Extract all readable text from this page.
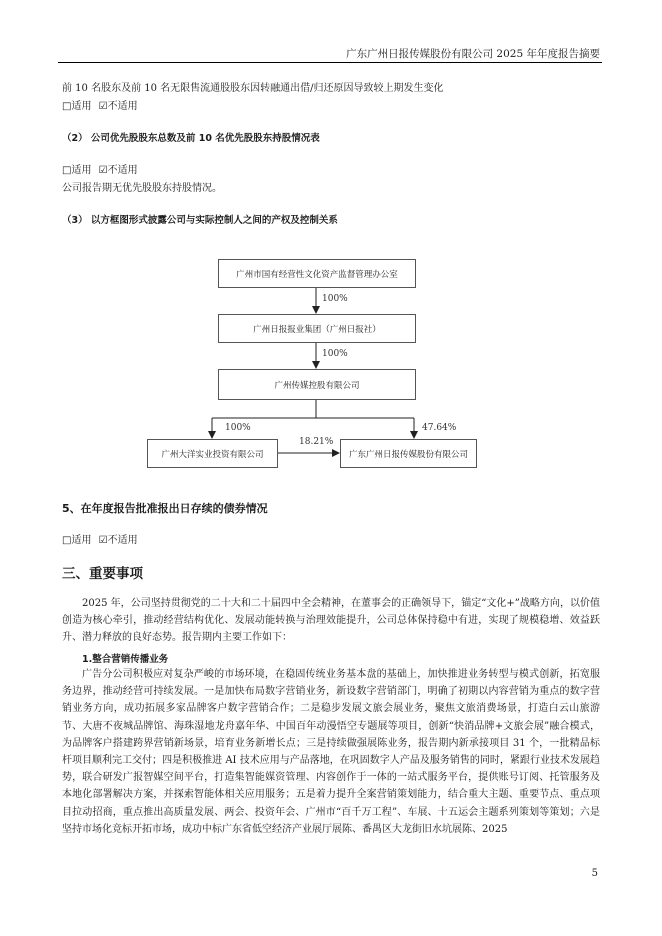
广东广州日报传媒股份有限公司 2025 年年度报告摘要
前 10 名股东及前 10 名无限售流通股股东因转融通出借/归还原因导致较上期发生变化
□适用 ☑不适用
（2） 公司优先股股东总数及前 10 名优先股股东持股情况表
□适用 ☑不适用
公司报告期无优先股股东持股情况。
（3） 以方框图形式披露公司与实际控制人之间的产权及控制关系
广州市国有经营性文化资产监督管理办公室
广州日报报业集团（广州日报社）
广州传媒控股有限公司
广州大洋实业投资有限公司	广东广州日报传媒股份有限公司
100%
100%
100%
18.21%
47.64%
5、在年度报告批准报出日存续的债券情况
□适用 ☑不适用
三、重要事项
2025 年，公司坚持贯彻党的二十大和二十届四中全会精神，在董事会的正确领导下，锚定“文化+”战略方向，以价值创造为核心牵引，推动经营结构优化、发展动能转换与治理效能提升，公司总体保持稳中有进，实现了规模稳增、效益跃升、潜力释放的良好态势。报告期内主要工作如下：
1.整合营销传播业务
广告分公司积极应对复杂严峻的市场环境，在稳固传统业务基本盘的基础上，加快推进业务转型与模式创新，拓宽服务边界，推动经营可持续发展。一是加快布局数字营销业务，新设数字营销部门，明确了初期以内容营销为重点的数字营销业务方向，成功拓展多家品牌客户数字营销合作；二是稳步发展文旅会展业务，聚焦文旅消费场景，打造白云山旅游节、大唐不夜城品牌馆、海珠湿地龙舟嘉年华、中国百年动漫悟空专题展等项目，创新“快消品牌+文旅会展”融合模式，为品牌客户搭建跨界营销新场景，培育业务新增长点；三是持续做强展陈业务，报告期内新承接项目 31 个，一批精品标杆项目顺利完工交付；四是积极推进 AI 技术应用与产品落地，在巩固数字人产品及服务销售的同时，紧跟行业技术发展趋势，联合研发广报智媒空间平台，打造集智能媒资管理、内容创作于一体的一站式服务平台，提供账号订阅、托管服务及本地化部署解决方案，并探索智能体相关应用服务；五是着力提升全案营销策划能力，结合重大主题、重要节点、重点项目拉动招商，重点推出高质量发展、两会、投资年会、广州市“百千万工程”、车展、十五运会主题系列策划等策划；六是坚持市场化竞标开拓市场，成功中标广东省低空经济产业展厅展陈、番禺区大龙街旧水坑展陈、2025
5
